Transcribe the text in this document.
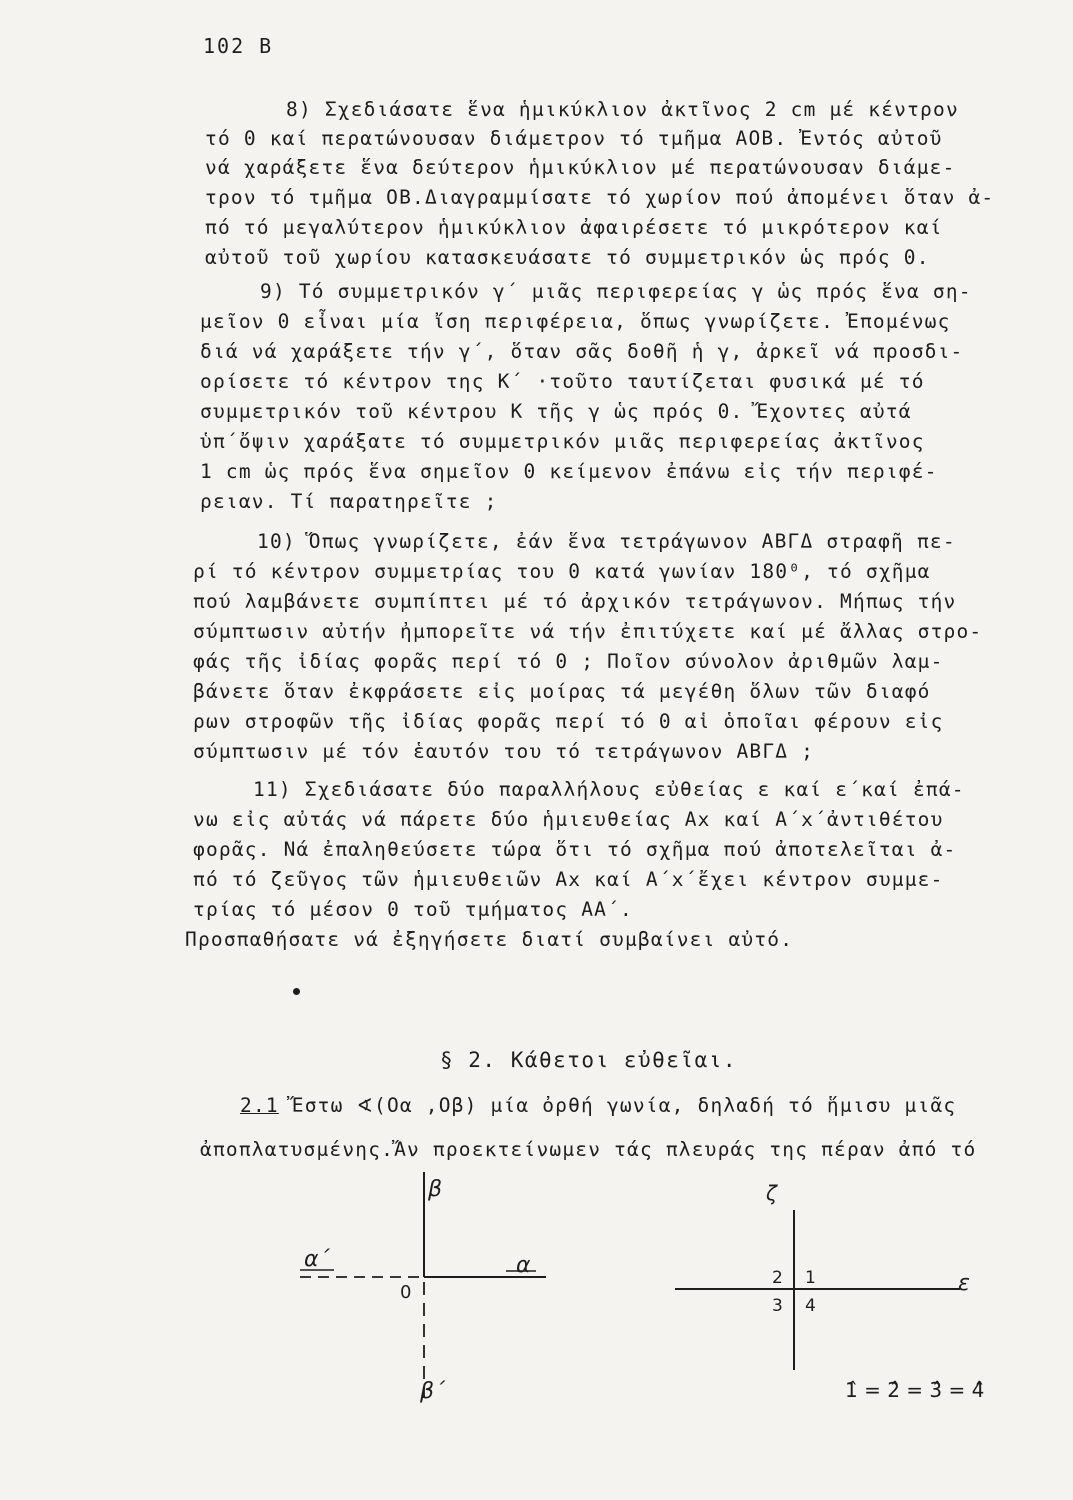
102 Β
8) Σχεδιάσατε ἕνα ἡμικύκλιον ἀκτῖνος 2 cm μέ κέντρον
τό 0 καί περατώνουσαν διάμετρον τό τμῆμα ΑΟΒ. Ἐντός αὐτοῦ
νά χαράξετε ἕνα δεύτερον ἡμικύκλιον μέ περατώνουσαν διάμε-
τρον τό τμῆμα ΟΒ.Διαγραμμίσατε τό χωρίον πού ἀπομένει ὅταν ἀ-
πό τό μεγαλύτερον ἡμικύκλιον ἀφαιρέσετε τό μικρότερον καί
αὐτοῦ τοῦ χωρίου κατασκευάσατε τό συμμετρικόν ὡς πρός 0.
9) Τό συμμετρικόν γ΄ μιᾶς περιφερείας γ ὡς πρός ἕνα ση-
μεῖον 0 εἶναι μία ἴση περιφέρεια, ὅπως γνωρίζετε. Ἐπομένως
διά νά χαράξετε τήν γ΄, ὅταν σᾶς δοθῆ ἡ γ, ἀρκεῖ νά προσδι-
ορίσετε τό κέντρον της Κ΄ ·τοῦτο ταυτίζεται φυσικά μέ τό
συμμετρικόν τοῦ κέντρου Κ τῆς γ ὡς πρός 0. Ἔχοντες αὐτά
ὑπ΄ὄψιν χαράξατε τό συμμετρικόν μιᾶς περιφερείας ἀκτῖνος
1 cm ὡς πρός ἕνα σημεῖον 0 κείμενον ἐπάνω εἰς τήν περιφέ-
ρειαν. Τί παρατηρεῖτε ;
10) Ὅπως γνωρίζετε, ἐάν ἕνα τετράγωνον ΑΒΓΔ στραφῆ πε-
ρί τό κέντρον συμμετρίας του 0 κατά γωνίαν 180⁰, τό σχῆμα
πού λαμβάνετε συμπίπτει μέ τό ἀρχικόν τετράγωνον. Μήπως τήν
σύμπτωσιν αὐτήν ἠμπορεῖτε νά τήν ἐπιτύχετε καί μέ ἄλλας στρο-
φάς τῆς ἰδίας φορᾶς περί τό 0 ; Ποῖον σύνολον ἀριθμῶν λαμ-
βάνετε ὅταν ἐκφράσετε εἰς μοίρας τά μεγέθη ὅλων τῶν διαφό
ρων στροφῶν τῆς ἰδίας φορᾶς περί τό 0 αἱ ὁποῖαι φέρουν εἰς
σύμπτωσιν μέ τόν ἑαυτόν του τό τετράγωνον ΑΒΓΔ ;
11) Σχεδιάσατε δύο παραλλήλους εὐθείας ε καί ε΄καί ἐπά-
νω εἰς αὐτάς νά πάρετε δύο ἡμιευθείας Αx καί Α΄x΄ἀντιθέτου
φορᾶς. Νά ἐπαληθεύσετε τώρα ὅτι τό σχῆμα πού ἀποτελεῖται ἀ-
πό τό ζεῦγος τῶν ἡμιευθειῶν Αx καί Α΄x΄ἔχει κέντρον συμμε-
τρίας τό μέσον 0 τοῦ τμήματος ΑΑ΄.
Προσπαθήσατε νά ἐξηγήσετε διατί συμβαίνει αὐτό.
§ 2. Κάθετοι εὐθεῖαι.
2.1 Ἔστω ∢(Οα ,Οβ) μία ὀρθή γωνία, δηλαδή τό ἥμισυ μιᾶς
ἀποπλατυσμένης.Ἄν προεκτείνωμεν τάς πλευράς της πέραν ἀπό τό
β
α
α΄
0
β΄
ζ
ε
2 1
3 4
1̂ = 2̂ = 3̂ = 4̂
